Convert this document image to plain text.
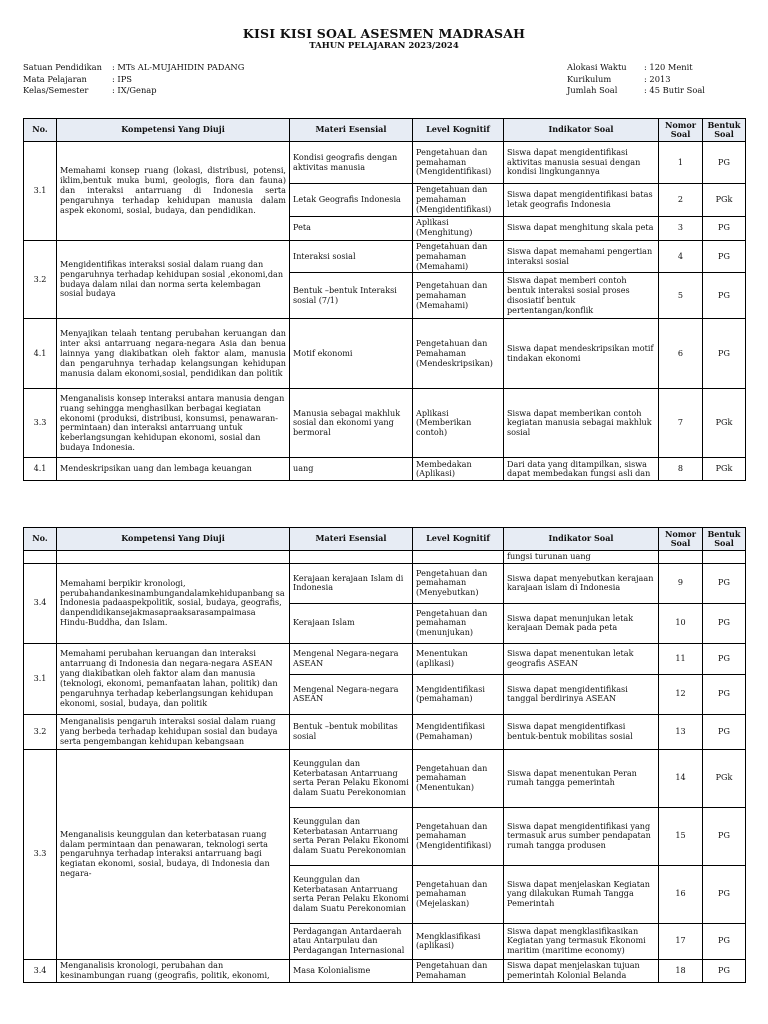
KISI KISI SOAL ASESMEN MADRASAH
TAHUN PELAJARAN 2023/2024
Satuan Pendidikan : MTs AL-MUJAHIDIN PADANG
Mata Pelajaran	: IPS
Kelas/Semester	: IX/Genap
Alokasi Waktu : 120 Menit
Kurikulum	: 2013
Jumlah Soal	: 45 Butir Soal
No.	Kompetensi Yang Diuji	Materi Esensial	Level Kognitif	Indikator Soal	Nomor Soal	Bentuk Soal
3.1	Memahami konsep ruang (lokasi, distribusi, potensi, iklim,bentuk muka bumi, geologis, flora dan fauna) dan interaksi antarruang di Indonesia serta pengaruhnya terhadap kehidupan manusia dalam aspek ekonomi, sosial, budaya, dan pendidikan.	Kondisi geografis dengan aktivitas manusia	Pengetahuan dan pemahaman (Mengidentifikasi)	Siswa dapat mengidentifikasi aktivitas manusia sesuai dengan kondisi lingkungannya	1	PG
		Letak Geografis Indonesia	Pengetahuan dan pemahaman (Mengidentifikasi)	Siswa dapat mengidentifikasi batas letak geografis Indonesia	2	PGk
		Peta	Aplikasi (Menghitung)	Siswa dapat menghitung skala peta	3	PG
3.2	Mengidentifikas interaksi sosial dalam ruang dan pengaruhnya terhadap kehidupan sosial ,ekonomi,dan budaya dalam nilai dan norma serta kelembagan sosial budaya	Interaksi sosial	Pengetahuan dan pemahaman (Memahami)	Siswa dapat memahami pengertian interaksi sosial	4	PG
		Bentuk –bentuk Interaksi sosial (7/1)	Pengetahuan dan pemahaman (Memahami)	Siswa dapat memberi contoh bentuk interaksi sosial proses disosiatif bentuk pertentangan/konflik	5	PG
4.1	Menyajikan telaah tentang perubahan keruangan dan inter aksi antarruang negara-negara Asia dan benua lainnya yang diakibatkan oleh faktor alam, manusia dan pengaruhnya terhadap kelangsungan kehidupan manusia dalam ekonomi,sosial, pendidikan dan politik	Motif ekonomi	Pengetahuan dan Pemahaman (Mendeskripsikan)	Siswa dapat mendeskripsikan motif tindakan ekonomi	6	PG
3.3	Menganalisis konsep interaksi antara manusia dengan ruang sehingga menghasilkan berbagai kegiatan ekonomi (produksi, distribusi, konsumsi, penawaran- permintaan) dan interaksi antarruang untuk keberlangsungan kehidupan ekonomi, sosial dan budaya Indonesia.	Manusia sebagai makhluk sosial dan ekonomi yang bermoral	Aplikasi (Memberikan contoh)	Siswa dapat memberikan contoh kegiatan manusia sebagai makhluk sosial	7	PGk
4.1	Mendeskripsikan uang dan lembaga keuangan	uang	Membedakan (Aplikasi)	Dari data yang ditampilkan, siswa dapat membedakan fungsi asli dan	8	PGk
No.	Kompetensi Yang Diuji	Materi Esensial	Level Kognitif	Indikator Soal	Nomor Soal	Bentuk Soal
				fungsi turunan uang		
3.4	Memahami berpikir kronologi, perubahandankesinambungandalamkehidupanbang sa Indonesia padaaspekpolitik, sosial, budaya, geografis, danpendidikansejakmasapraaksarasampaimasa Hindu-Buddha, dan Islam.	Kerajaan kerajaan Islam di Indonesia	Pengetahuan dan pemahaman (Menyebutkan)	Siswa dapat menyebutkan kerajaan karajaan islam di Indonesia	9	PG
		Kerajaan Islam	Pengetahuan dan pemahaman (menunjukan)	Siswa dapat menunjukan letak kerajaan Demak pada peta	10	PG
3.1	Memahami perubahan keruangan dan interaksi antarruang di Indonesia dan negara-negara ASEAN yang diakibatkan oleh faktor alam dan manusia (teknologi, ekonomi, pemanfaatan lahan, politik) dan pengaruhnya terhadap keberlangsungan kehidupan ekonomi, sosial, budaya, dan politik	Mengenal Negara-negara ASEAN	Menentukan (aplikasi)	Siswa dapat menentukan letak geografis ASEAN	11	PG
		Mengenal Negara-negara ASEAN	Mengidentifikasi (pemahaman)	Siswa dapat mengidentifikasi tanggal berdirinya ASEAN	12	PG
3.2	Menganalisis pengaruh interaksi sosial dalam ruang yang berbeda terhadap kehidupan sosial dan budaya serta pengembangan kehidupan kebangsaan	Bentuk –bentuk mobilitas sosial	Mengidentifikasi (Pemahaman)	Siswa dapat mengidentifkasi bentuk-bentuk mobilitas sosial	13	PG
3.3	Menganalisis keunggulan dan keterbatasan ruang dalam permintaan dan penawaran, teknologi serta pengaruhnya terhadap interaksi antarruang bagi kegiatan ekonomi, sosial, budaya, di Indonesia dan negara-	Keunggulan dan Keterbatasan Antarruang serta Peran Pelaku Ekonomi dalam Suatu Perekonomian	Pengetahuan dan pemahaman (Menentukan)	Siswa dapat menentukan Peran rumah tangga pemerintah	14	PGk
		Keunggulan dan Keterbatasan Antarruang serta Peran Pelaku Ekonomi dalam Suatu Perekonomian	Pengetahuan dan pemahaman (Mengidentifikasi)	Siswa dapat mengidentifikasi yang termasuk arus sumber pendapatan rumah tangga produsen	15	PG
		Keunggulan dan Keterbatasan Antarruang serta Peran Pelaku Ekonomi dalam Suatu Perekonomian	Pengetahuan dan pemahaman (Mejelaskan)	Siswa dapat menjelaskan Kegiatan yang dilakukan Rumah Tangga Pemerintah	16	PG
		Perdagangan Antardaerah atau Antarpulau dan Perdagangan Internasional	Mengklasifikasi (aplikasi)	Siswa dapat mengklasifikasikan Kegiatan yang termasuk Ekonomi maritim (maritime economy)	17	PG
3.4	Menganalisis kronologi, perubahan dan kesinambungan ruang (geografis, politik, ekonomi,	Masa Kolonialisme	Pengetahuan dan Pemahaman	Siswa dapat menjelaskan tujuan pemerintah Kolonial Belanda	18	PG
